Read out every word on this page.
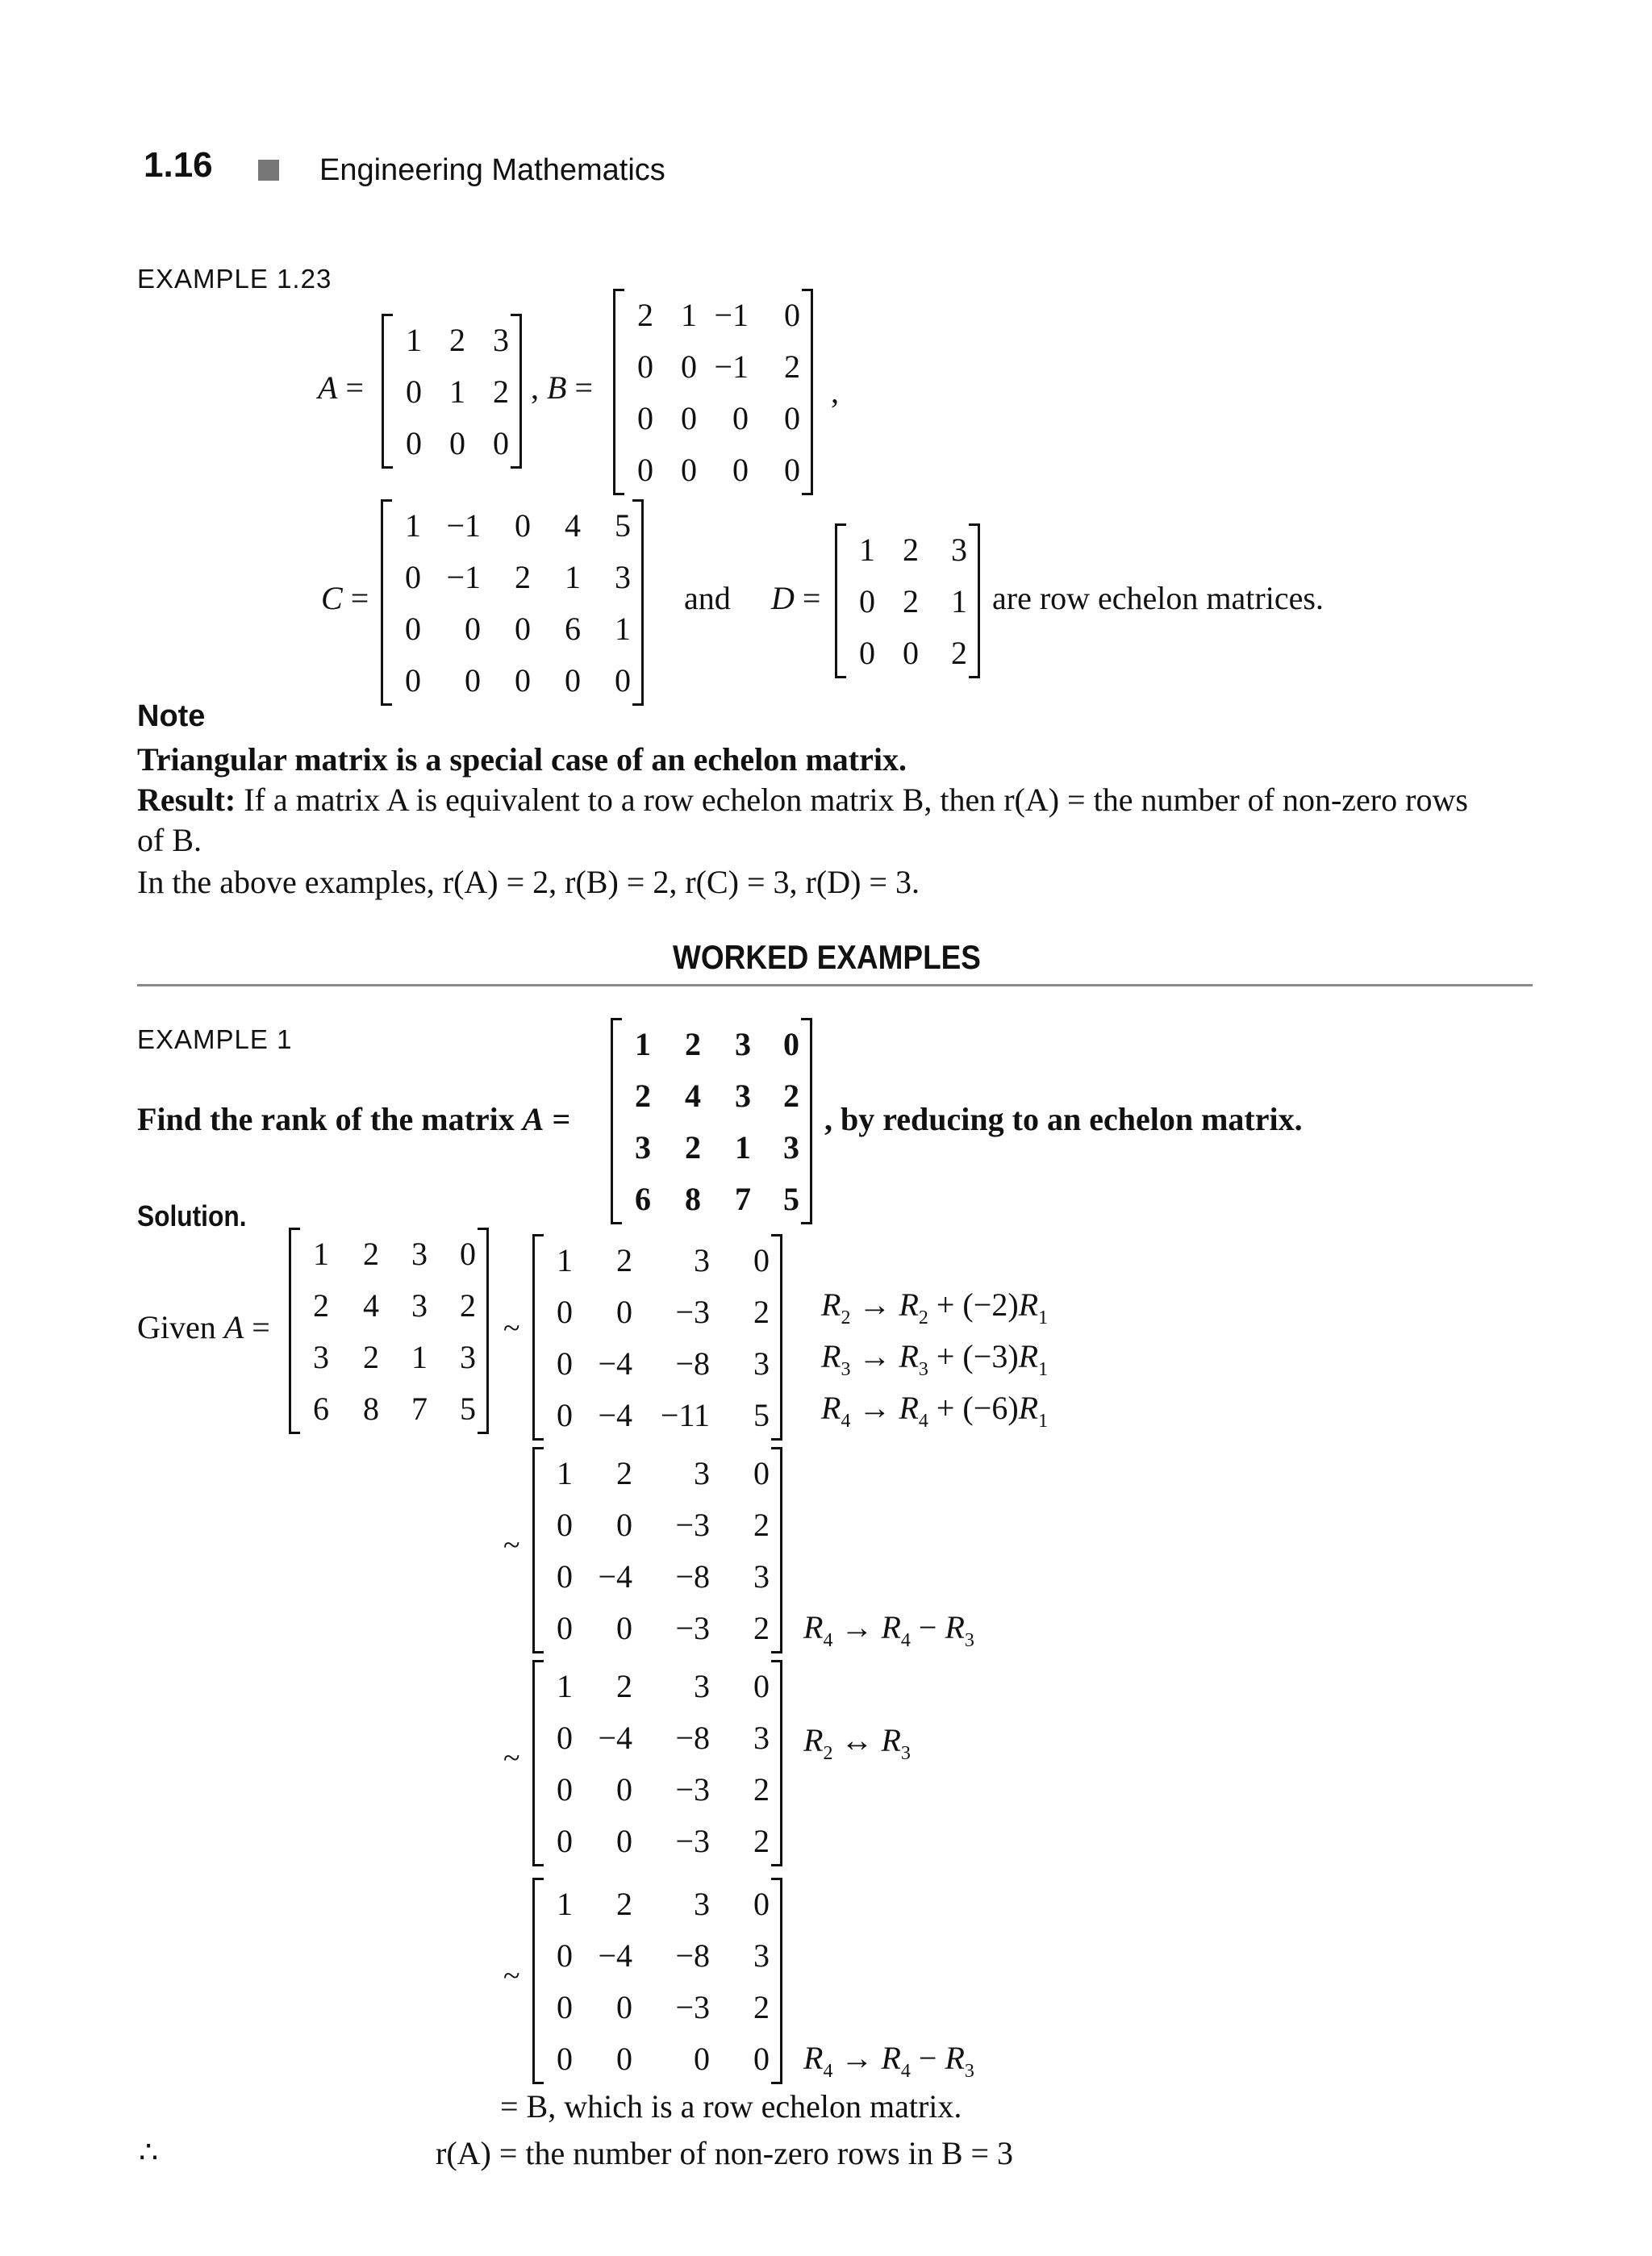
1.16	Engineering Mathematics
EXAMPLE 1.23
A =
1 2 3
0 1 2
0 0 0
, B =
2 1 −1	0
0 0 −1	2
0 0	0	0
0 0	0	0
,
C =
1 −1	0	4	5
0 −1	2	1	3
0	0	0	6	1
0	0	0	0	0
and D =
1 2	3
0 2	1
0 0	2
are row echelon matrices.
Note
Triangular matrix is a special case of an echelon matrix.
Result: If a matrix A is equivalent to a row echelon matrix B, then r(A) = the number of non-zero rows
of B.
In the above examples, r(A) = 2, r(B) = 2, r(C) = 3, r(D) = 3.
WORKED EXAMPLES
EXAMPLE 1
Find the rank of the matrix A =
1	2	3	0
2	4	3	2
3	2	1	3
6	8	7	5
, by reducing to an echelon matrix.
Solution.
Given A =
1	2	3	0
2	4	3	2
3	2	1	3
6	8	7	5
~
1	2	3	0
0	0	−3	2
0 −4	−8	3
0 −4 −11	5
$R_2 \to R_2 + (-2)R_1$
$R_3 \to R_3 + (-3)R_1$
$R_4 \to R_4 + (-6)R_1$
~
1	2	3	0
0	0	−3	2
0 −4	−8	3
0	0	−3	2 $R_4 \to R_4 - R_3$
~
1	2	3	0
0 −4	−8	3
0	0	−3	2
0	0	−3	2
$R_2$ ↔ $R_3$
~
1	2	3	0
0 −4	−8	3
0	0	−3	2
0	0	0	0 $R_4 \to R_4 - R_3$
= B, which is a row echelon matrix.
∴	r(A) = the number of non-zero rows in B = 3
